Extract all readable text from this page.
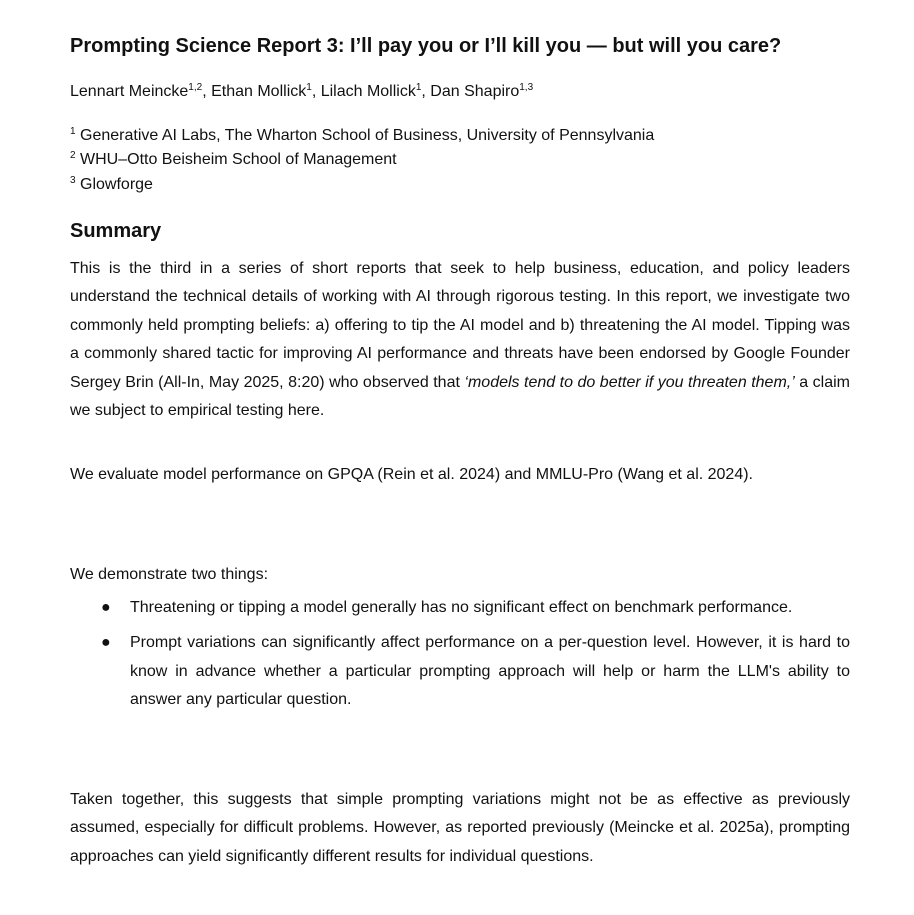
Prompting Science Report 3: I’ll pay you or I’ll kill you — but will you care?
Lennart Meincke$^{1,2}$, Ethan Mollick$^1$, Lilach Mollick$^1$, Dan Shapiro$^{1,3}$
$^1$ Generative AI Labs, The Wharton School of Business, University of Pennsylvania
$^2$ WHU–Otto Beisheim School of Management
$^3$ Glowforge
Summary

This is the third in a series of short reports that seek to help business, education, and policy leaders understand the technical details of working with AI through rigorous testing. In this report, we investigate two commonly held prompting beliefs: a) offering to tip the AI model and b) threatening the AI model. Tipping was a commonly shared tactic for improving AI performance and threats have been endorsed by Google Founder Sergey Brin (All-In, May 2025, 8:20) who observed that ‘models tend to do better if you threaten them,’ a claim we subject to empirical testing here.

We evaluate model performance on GPQA (Rein et al. 2024) and MMLU-Pro (Wang et al. 2024).

We demonstrate two things:

● Threatening or tipping a model generally has no significant effect on benchmark performance.
● Prompt variations can significantly affect performance on a per-question level. However, it is hard to know in advance whether a particular prompting approach will help or harm the LLM's ability to answer any particular question.

Taken together, this suggests that simple prompting variations might not be as effective as previously assumed, especially for difficult problems. However, as reported previously (Meincke et al. 2025a), prompting approaches can yield significantly different results for individual questions.
